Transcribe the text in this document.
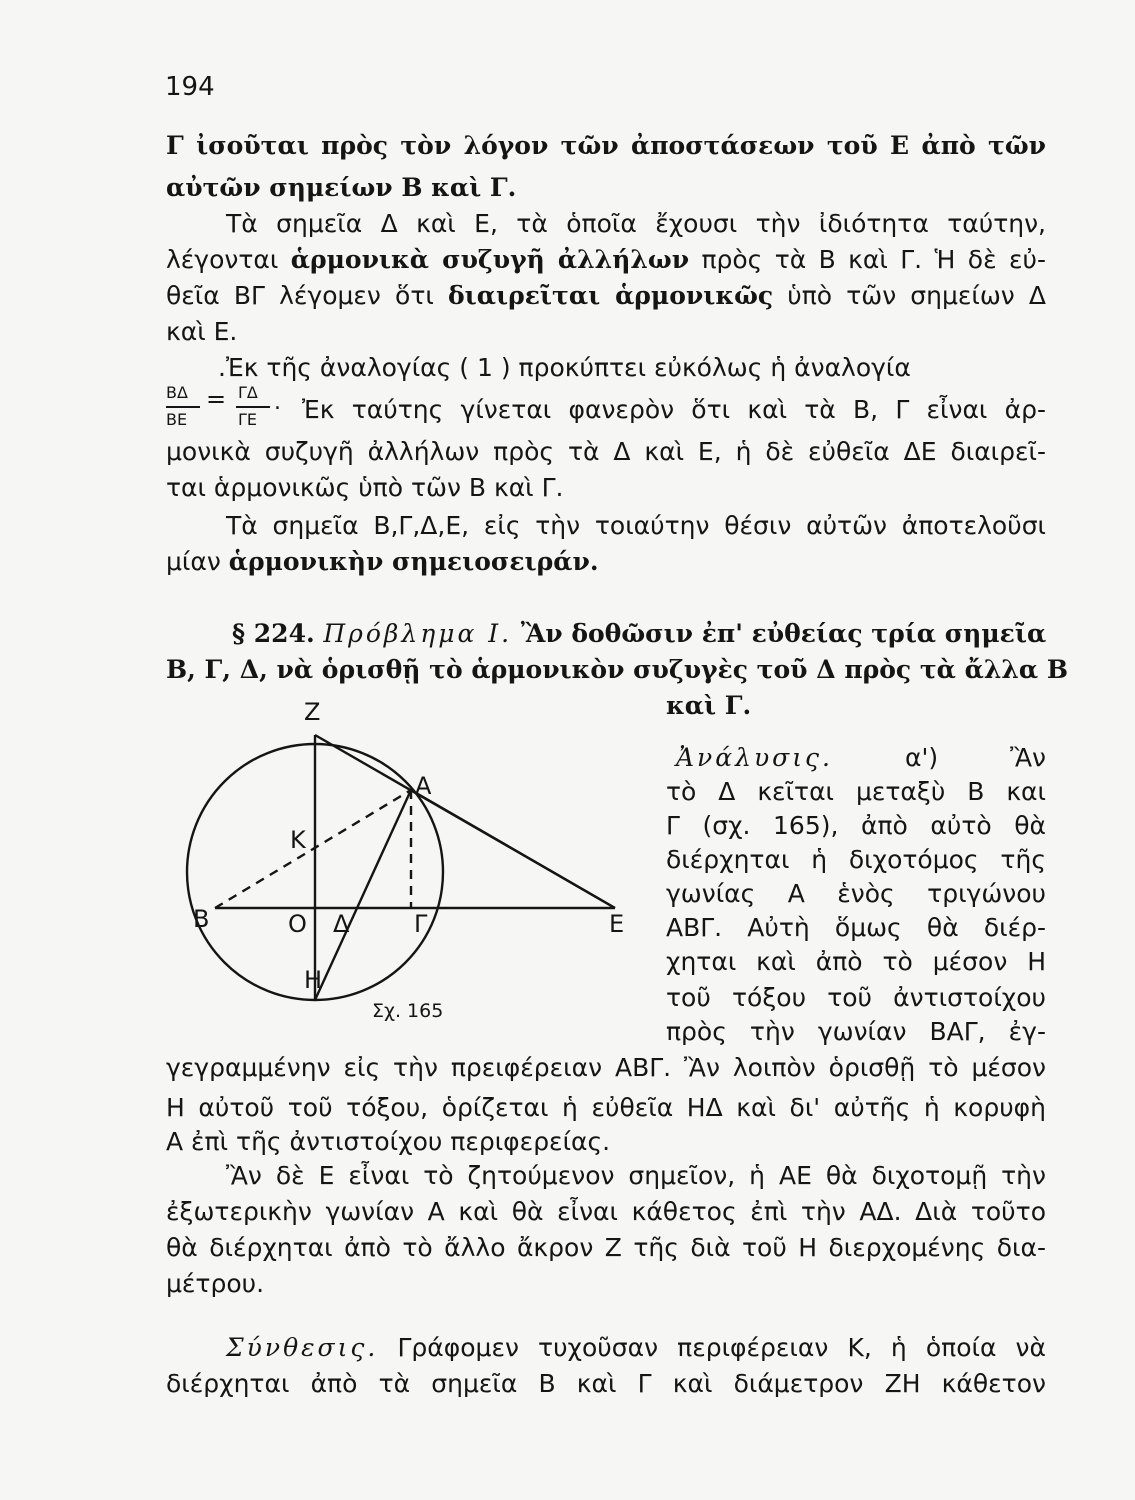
194
Γ ἰσοῦται πρὸς τὸν λόγον τῶν ἀποστάσεων τοῦ Ε ἀπὸ τῶν
αὐτῶν σημείων Β καὶ Γ.
Τὰ σημεῖα Δ καὶ Ε, τὰ ὁποῖα ἔχουσι τὴν ἰδιότητα ταύτην,
λέγονται ἁρμονικὰ συζυγῆ ἀλλήλων πρὸς τὰ Β καὶ Γ. Ἡ δὲ εὐ-
θεῖα ΒΓ λέγομεν ὅτι διαιρεῖται ἁρμονικῶς ὑπὸ τῶν σημείων Δ
καὶ Ε.
.Ἐκ τῆς ἀναλογίας ( 1 ) προκύπτει εὐκόλως ἡ ἀναλογία
ΒΔ
ΒΕ
= ΓΔ
ΓΕ
. Ἐκ ταύτης γίνεται φανερὸν ὅτι καὶ τὰ Β, Γ εἶναι ἀρ-
μονικὰ συζυγῆ ἀλλήλων πρὸς τὰ Δ καὶ Ε, ἡ δὲ εὐθεῖα ΔΕ διαιρεῖ-
ται ἁρμονικῶς ὑπὸ τῶν Β καὶ Γ.
Τὰ σημεῖα Β,Γ,Δ,Ε, εἰς τὴν τοιαύτην θέσιν αὐτῶν ἀποτελοῦσι
μίαν ἁρμονικὴν σημειοσειράν.
§ 224. Πρόβλημα Ι. Ἂν δοθῶσιν ἐπ' εὐθείας τρία σημεῖα
Β, Γ, Δ, νὰ ὁρισθῇ τὸ ἁρμονικὸν συζυγὲς τοῦ Δ πρὸς τὰ ἄλλα Β
καὶ Γ.
Z
A
K
B	O Δ	Γ	E
H
Σχ. 165
Ἀνάλυσις. α') Ἂν
τὸ Δ κεῖται μεταξὺ Β και
Γ (σχ. 165), ἀπὸ αὐτὸ θὰ
διέρχηται ἡ διχοτόμος τῆς
γωνίας Α ἑνὸς τριγώνου
ΑΒΓ. Αὐτὴ ὅμως θὰ διέρ-
χηται καὶ ἀπὸ τὸ μέσον Η
τοῦ τόξου τοῦ ἀντιστοίχου
πρὸς τὴν γωνίαν ΒΑΓ, ἐγ-
γεγραμμένην εἰς τὴν πρειφέρειαν ΑΒΓ. Ἂν λοιπὸν ὁρισθῇ τὸ μέσον
Η αὐτοῦ τοῦ τόξου, ὁρίζεται ἡ εὐθεῖα ΗΔ καὶ δι' αὐτῆς ἡ κορυφὴ
Α ἐπὶ τῆς ἀντιστοίχου περιφερείας.
Ἂν δὲ Ε εἶναι τὸ ζητούμενον σημεῖον, ἡ ΑΕ θὰ διχοτομῇ τὴν
ἐξωτερικὴν γωνίαν Α καὶ θὰ εἶναι κάθετος ἐπὶ τὴν ΑΔ. Διὰ τοῦτο
θὰ διέρχηται ἀπὸ τὸ ἄλλο ἄκρον Ζ τῆς διὰ τοῦ Η διερχομένης δια-
μέτρου.
Σύνθεσις. Γράφομεν τυχοῦσαν περιφέρειαν Κ, ἡ ὁποία νὰ
διέρχηται ἀπὸ τὰ σημεῖα Β καὶ Γ καὶ διάμετρον ΖΗ κάθετον
